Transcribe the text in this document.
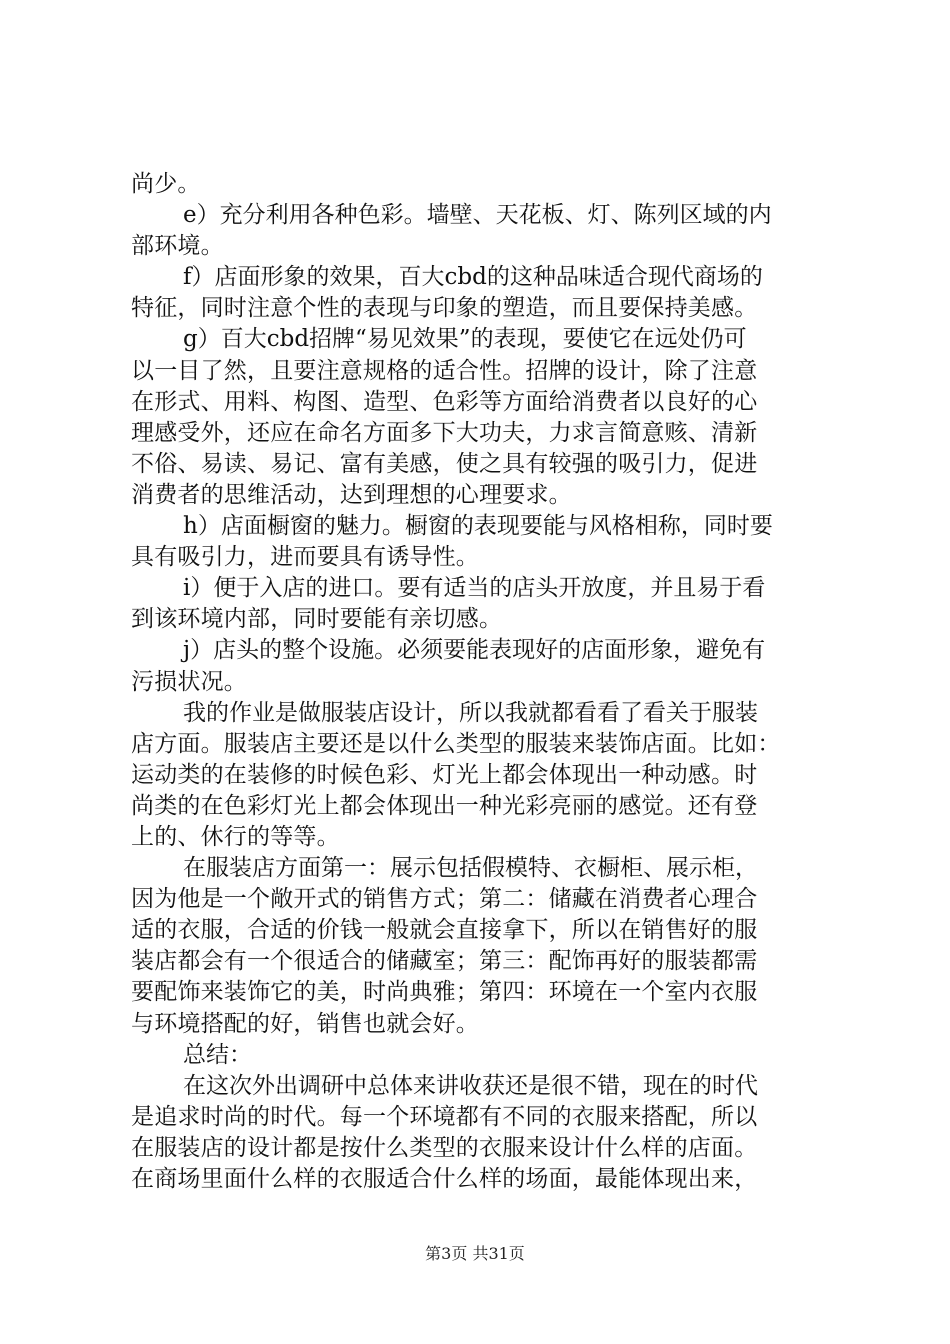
尚少。
e）充分利用各种色彩。墙壁、天花板、灯、陈列区域的内
部环境。
f）店面形象的效果，百大cbd的这种品味适合现代商场的
特征，同时注意个性的表现与印象的塑造，而且要保持美感。
g）百大cbd招牌“易见效果”的表现，要使它在远处仍可
以一目了然，且要注意规格的适合性。招牌的设计，除了注意
在形式、用料、构图、造型、色彩等方面给消费者以良好的心
理感受外，还应在命名方面多下大功夫，力求言简意赅、清新
不俗、易读、易记、富有美感，使之具有较强的吸引力，促进
消费者的思维活动，达到理想的心理要求。
h）店面橱窗的魅力。橱窗的表现要能与风格相称，同时要
具有吸引力，进而要具有诱导性。
i）便于入店的进口。要有适当的店头开放度，并且易于看
到该环境内部，同时要能有亲切感。
j）店头的整个设施。必须要能表现好的店面形象，避免有
污损状况。
我的作业是做服装店设计，所以我就都看看了看关于服装
店方面。服装店主要还是以什么类型的服装来装饰店面。比如：
运动类的在装修的时候色彩、灯光上都会体现出一种动感。时
尚类的在色彩灯光上都会体现出一种光彩亮丽的感觉。还有登
上的、休行的等等。
在服装店方面第一：展示包括假模特、衣橱柜、展示柜，
因为他是一个敞开式的销售方式；第二：储藏在消费者心理合
适的衣服，合适的价钱一般就会直接拿下，所以在销售好的服
装店都会有一个很适合的储藏室；第三：配饰再好的服装都需
要配饰来装饰它的美，时尚典雅；第四：环境在一个室内衣服
与环境搭配的好，销售也就会好。
总结：
在这次外出调研中总体来讲收获还是很不错，现在的时代
是追求时尚的时代。每一个环境都有不同的衣服来搭配，所以
在服装店的设计都是按什么类型的衣服来设计什么样的店面。
在商场里面什么样的衣服适合什么样的场面，最能体现出来，
第3页 共31页
